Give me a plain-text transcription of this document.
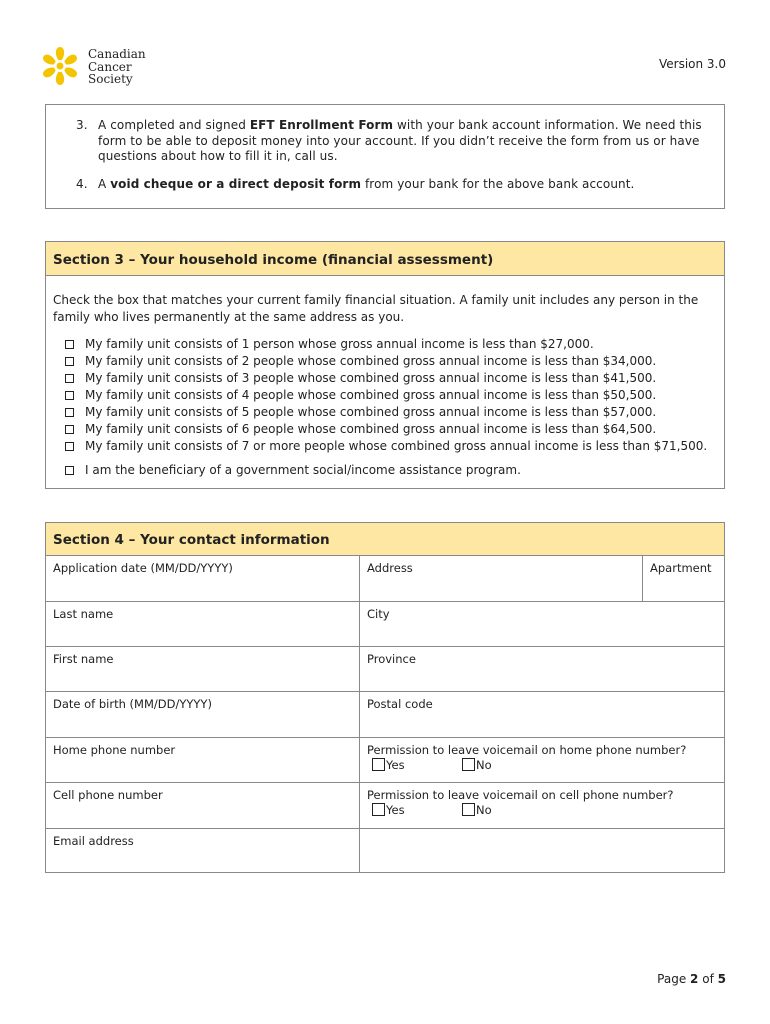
Canadian
Cancer
Society
Version 3.0
3. A completed and signed EFT Enrollment Form with your bank account information. We need this form to be able to deposit money into your account. If you didn’t receive the form from us or have questions about how to fill it in, call us.
4. A void cheque or a direct deposit form from your bank for the above bank account.
Section 3 – Your household income (financial assessment)
Check the box that matches your current family financial situation. A family unit includes any person in the family who lives permanently at the same address as you.
My family unit consists of 1 person whose gross annual income is less than $27,000.
My family unit consists of 2 people whose combined gross annual income is less than $34,000.
My family unit consists of 3 people whose combined gross annual income is less than $41,500.
My family unit consists of 4 people whose combined gross annual income is less than $50,500.
My family unit consists of 5 people whose combined gross annual income is less than $57,000.
My family unit consists of 6 people whose combined gross annual income is less than $64,500.
My family unit consists of 7 or more people whose combined gross annual income is less than $71,500.
I am the beneficiary of a government social/income assistance program.
Section 4 – Your contact information
Application date (MM/DD/YYYY)	Address	Apartment
Last name	City
First name	Province
Date of birth (MM/DD/YYYY)	Postal code
Home phone number	Permission to leave voicemail on home phone number?
Yes	No
Cell phone number	Permission to leave voicemail on cell phone number?
Yes	No
Email address
Page 2 of 5
